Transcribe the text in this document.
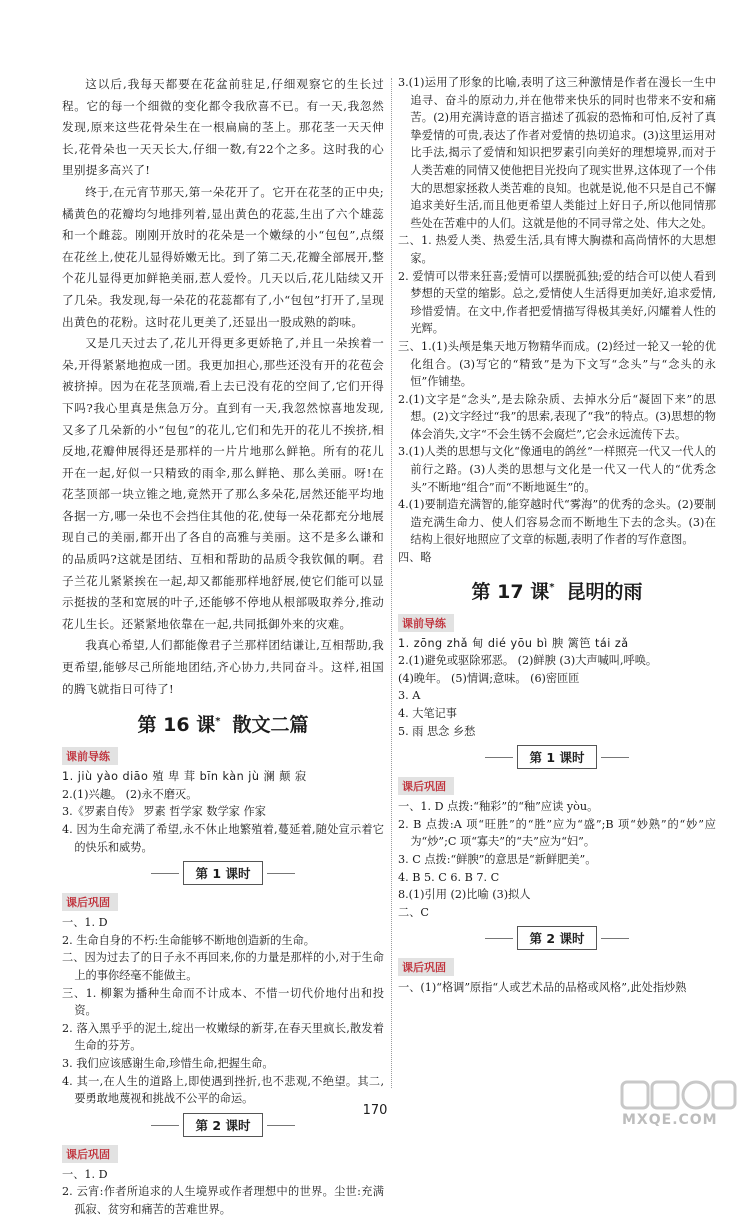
这以后,我每天都要在花盆前驻足,仔细观察它的生长过程。它的每一个细微的变化都令我欣喜不已。有一天,我忽然发现,原来这些花骨朵生在一根扁扁的茎上。那花茎一天天伸长,花骨朵也一天天长大,仔细一数,有22个之多。这时我的心里别提多高兴了!

终于,在元宵节那天,第一朵花开了。它开在花茎的正中央;橘黄色的花瓣均匀地排列着,显出黄色的花蕊,生出了六个雄蕊和一个雌蕊。刚刚开放时的花朵是一个嫩绿的小“包包”,点缀在花丝上,使花儿显得娇嫩无比。到了第二天,花瓣全部展开,整个花儿显得更加鲜艳美丽,惹人爱怜。几天以后,花儿陆续又开了几朵。我发现,每一朵花的花蕊都有了,小“包包”打开了,呈现出黄色的花粉。这时花儿更美了,还显出一股成熟的韵味。

又是几天过去了,花儿开得更多更娇艳了,并且一朵挨着一朵,开得紧紧地抱成一团。我更加担心,那些还没有开的花苞会被挤掉。因为在花茎顶端,看上去已没有花的空间了,它们开得下吗?我心里真是焦急万分。直到有一天,我忽然惊喜地发现,又多了几朵新的小“包包”的花儿,它们和先开的花儿不挨挤,相反地,花瓣伸展得还是那样的一片片地那么鲜艳。所有的花儿开在一起,好似一只精致的雨伞,那么鲜艳、那么美丽。呀!在花茎顶部一块立锥之地,竟然开了那么多朵花,居然还能平均地各据一方,哪一朵也不会挡住其他的花,使每一朵花都充分地展现自己的美丽,都开出了各自的高雅与美丽。这不是多么谦和的品质吗?这就是团结、互相和帮助的品质令我钦佩的啊。君子兰花儿紧紧挨在一起,却又都能那样地舒展,使它们能可以显示挺拔的茎和宽展的叶子,还能够不停地从根部吸取养分,推动花儿生长。还紧紧地依靠在一起,共同抵御外来的灾难。

我真心希望,人们都能像君子兰那样团结谦让,互相帮助,我更希望,能够尽己所能地团结,齐心协力,共同奋斗。这样,祖国的腾飞就指日可待了!

第 16 课* 散文二篇
课前导练
1. jiù yào diāo 殖 卑 茸 bīn kàn jù 澜 颠 寂
2.(1)兴趣。 (2)永不磨灭。
3.《罗素自传》 罗素 哲学家 数学家 作家
4. 因为生命充满了希望,永不休止地繁殖着,蔓延着,随处宣示着它的快乐和威势。
第 1 课时
课后巩固
一、1. D
2. 生命自身的不朽:生命能够不断地创造新的生命。
二、因为过去了的日子永不再回来,你的力量是那样的小,对于生命上的事你经毫不能做主。
三、1. 柳絮为播种生命而不计成本、不惜一切代价地付出和投资。
2. 落入黑乎乎的泥土,绽出一枚嫩绿的新芽,在春天里疯长,散发着生命的芬芳。
3. 我们应该感谢生命,珍惜生命,把握生命。
4. 其一,在人生的道路上,即使遇到挫折,也不悲观,不绝望。其二,要勇敢地蔑视和挑战不公平的命运。
第 2 课时
课后巩固
一、1. D
2. 云宵:作者所追求的人生境界或作者理想中的世界。尘世:充满孤寂、贫穷和痛苦的苦难世界。
3.(1)运用了形象的比喻,表明了这三种激情是作者在漫长一生中追寻、奋斗的原动力,并在他带来快乐的同时也带来不安和痛苦。(2)用充满诗意的语言描述了孤寂的恐怖和可怕,反衬了真挚爱情的可贵,表达了作者对爱情的热切追求。(3)这里运用对比手法,揭示了爱情和知识把罗素引向美好的理想境界,而对于人类苦难的同情又使他把目光投向了现实世界,这体现了一个伟大的思想家拯救人类苦难的良知。也就是说,他不只是自己不懈追求美好生活,而且他更希望人类能过上好日子,所以他同情那些处在苦难中的人们。这就是他的不同寻常之处、伟大之处。
二、1. 热爱人类、热爱生活,具有博大胸襟和高尚情怀的大思想家。
2. 爱情可以带来狂喜;爱情可以摆脱孤独;爱的结合可以使人看到梦想的天堂的缩影。总之,爱情使人生活得更加美好,追求爱情,珍惜爱情。在文中,作者把爱情描写得极其美好,闪耀着人性的光辉。
三、1.(1)头颅是集天地万物精华而成。(2)经过一轮又一轮的优化组合。(3)写它的“精致”是为下文写“念头”与“念头的永恒”作铺垫。
2.(1)文字是“念头”,是去除杂质、去掉水分后“凝固下来”的思想。(2)文字经过“我”的思索,表现了“我”的特点。(3)思想的物体会消失,文字“不会生锈不会腐烂”,它会永远流传下去。
3.(1)人类的思想与文化“像通电的鸽丝”一样照亮一代又一代人的前行之路。(3)人类的思想与文化是一代又一代人的“优秀念头”不断地“组合”而“不断地诞生”的。
4.(1)要制造充满智的,能穿越时代“雾海”的优秀的念头。(2)要制造充满生命力、使人们容易念而不断地生下去的念头。(3)在结构上很好地照应了文章的标题,表明了作者的写作意图。
四、略
第 17 课* 昆明的雨
课前导练
1. zōng zhǎ 甸 dié yōu bì 腴 篱笆 tái zǎ
2.(1)避免或驱除邪恶。 (2)鲜腴 (3)大声喊叫,呼唤。
(4)晚年。 (5)情调;意味。 (6)密匝匝
3. A
4. 大笔记事
5. 雨 思念 乡愁
第 1 课时
课后巩固
一、1. D 点拨:“釉彩”的“釉”应读 yòu。
2. B 点拨:A 项“旺胜”的“胜”应为“盛”;B 项“妙熟”的“妙”应为“炒”;C 项“寡夫”的“夫”应为“妇”。
3. C 点拨:“鲜腴”的意思是“新鲜肥美”。
4. B 5. C 6. B 7. C
8.(1)引用 (2)比喻 (3)拟人
二、C
第 2 课时
课后巩固
一、(1)“格调”原指“人或艺术品的品格或风格”,此处指炒熟
170
MXQE.COM
